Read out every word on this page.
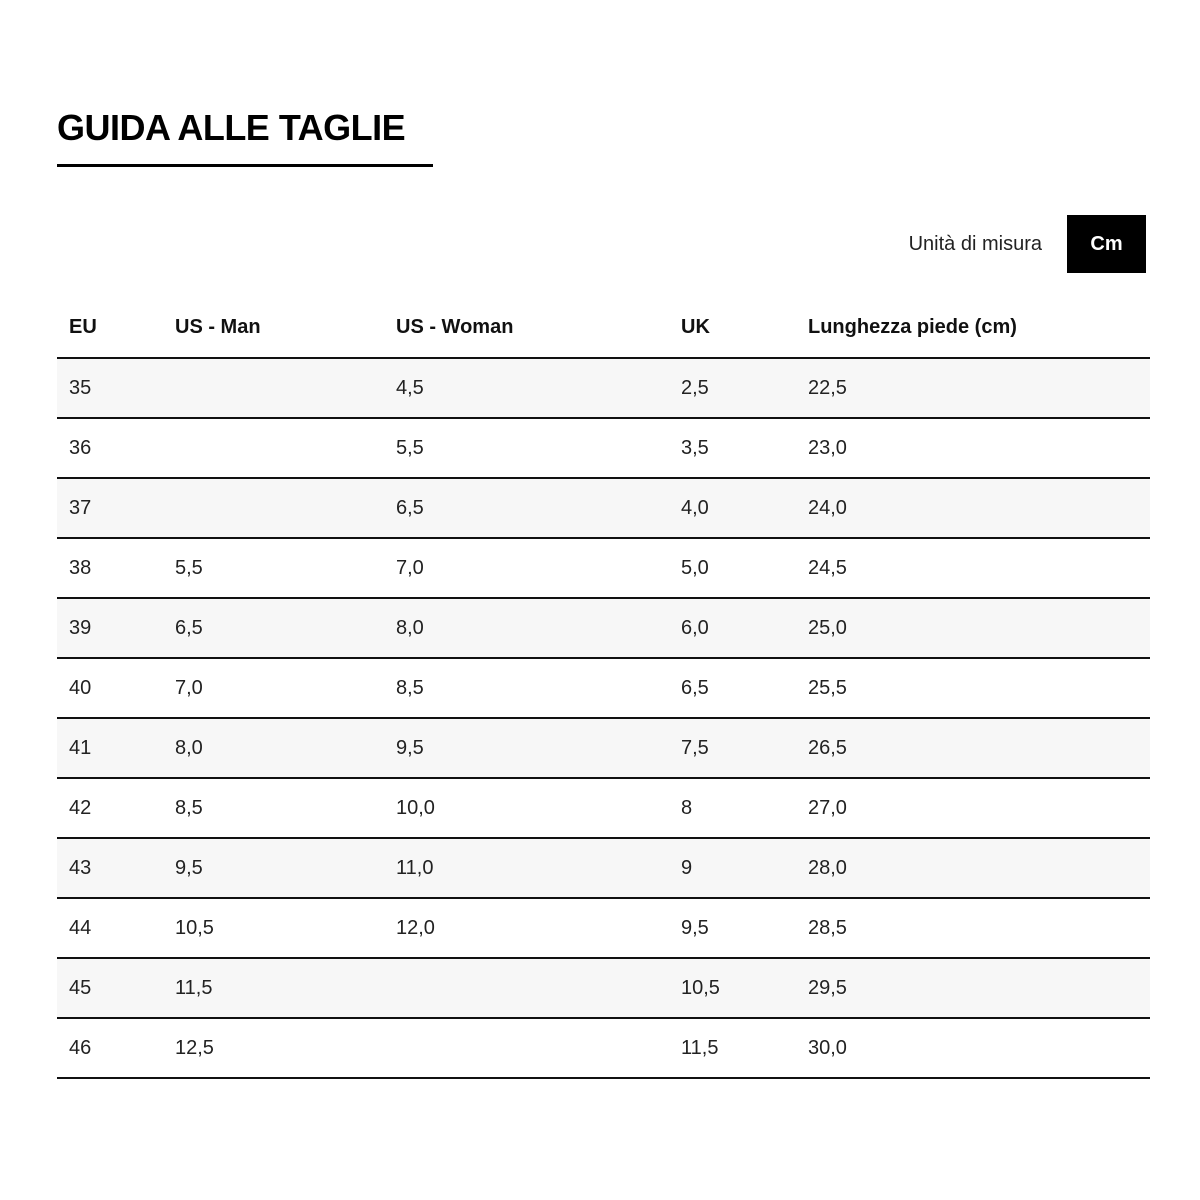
GUIDA ALLE TAGLIE
Unità di misura	Cm
EU	US - Man	US - Woman	UK	Lunghezza piede (cm)
35		4,5	2,5	22,5
36		5,5	3,5	23,0
37		6,5	4,0	24,0
38	5,5	7,0	5,0	24,5
39	6,5	8,0	6,0	25,0
40	7,0	8,5	6,5	25,5
41	8,0	9,5	7,5	26,5
42	8,5	10,0	8	27,0
43	9,5	11,0	9	28,0
44	10,5	12,0	9,5	28,5
45	11,5		10,5	29,5
46	12,5		11,5	30,0
